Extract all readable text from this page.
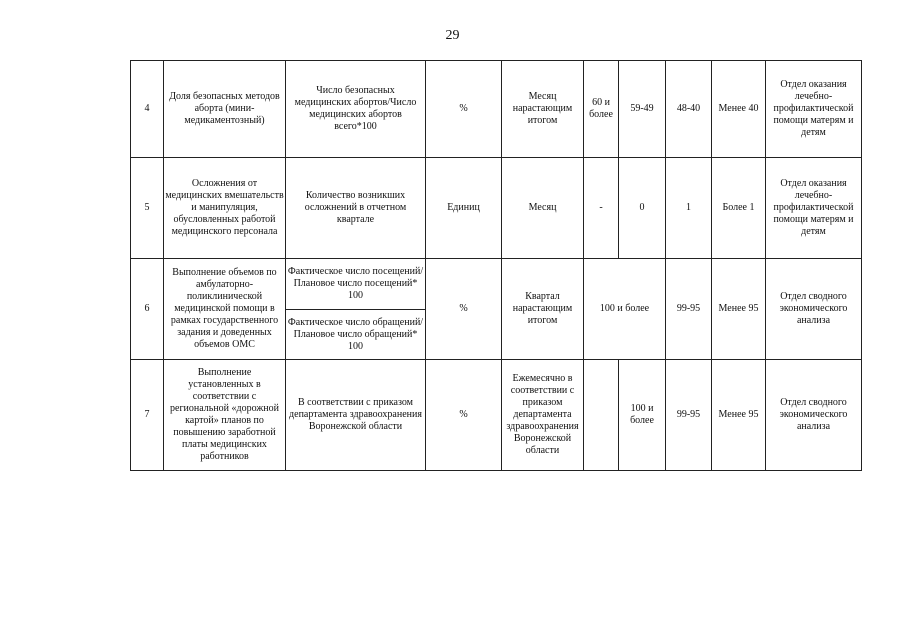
29
4	Доля безопасных методов аборта (мини-медикаментозный)	Число безопасных медицинских абортов/Число медицинских абортов всего*100	%	Месяц нарастающим итогом	60 и более	59-49	48-40	Менее 40	Отдел оказания лечебно-профилактической помощи матерям и детям
5	Осложнения от медицинских вмешательств и манипуляция, обусловленных работой медицинского персонала	Количество возникших осложнений в отчетном квартале	Единиц	Месяц	-	0	1	Более 1	Отдел оказания лечебно-профилактической помощи матерям и детям
6	Выполнение объемов по амбулаторно-поликлинической медицинской помощи в рамках государственного задания и доведенных объемов ОМС	Фактическое число посещений/Плановое число посещений* 100	%	Квартал нарастающим итогом	100 и более		99-95	Менее 95	Отдел сводного экономического анализа
		Фактическое число обращений/Плановое число обращений* 100							
7	Выполнение установленных в соответствии с региональной «дорожной картой» планов по повышению заработной платы медицинских работников	В соответствии с приказом департамента здравоохранения Воронежской области	%	Ежемесячно в соответствии с приказом департамента здравоохранения Воронежской области		100 и более	99-95	Менее 95	Отдел сводного экономического анализа
